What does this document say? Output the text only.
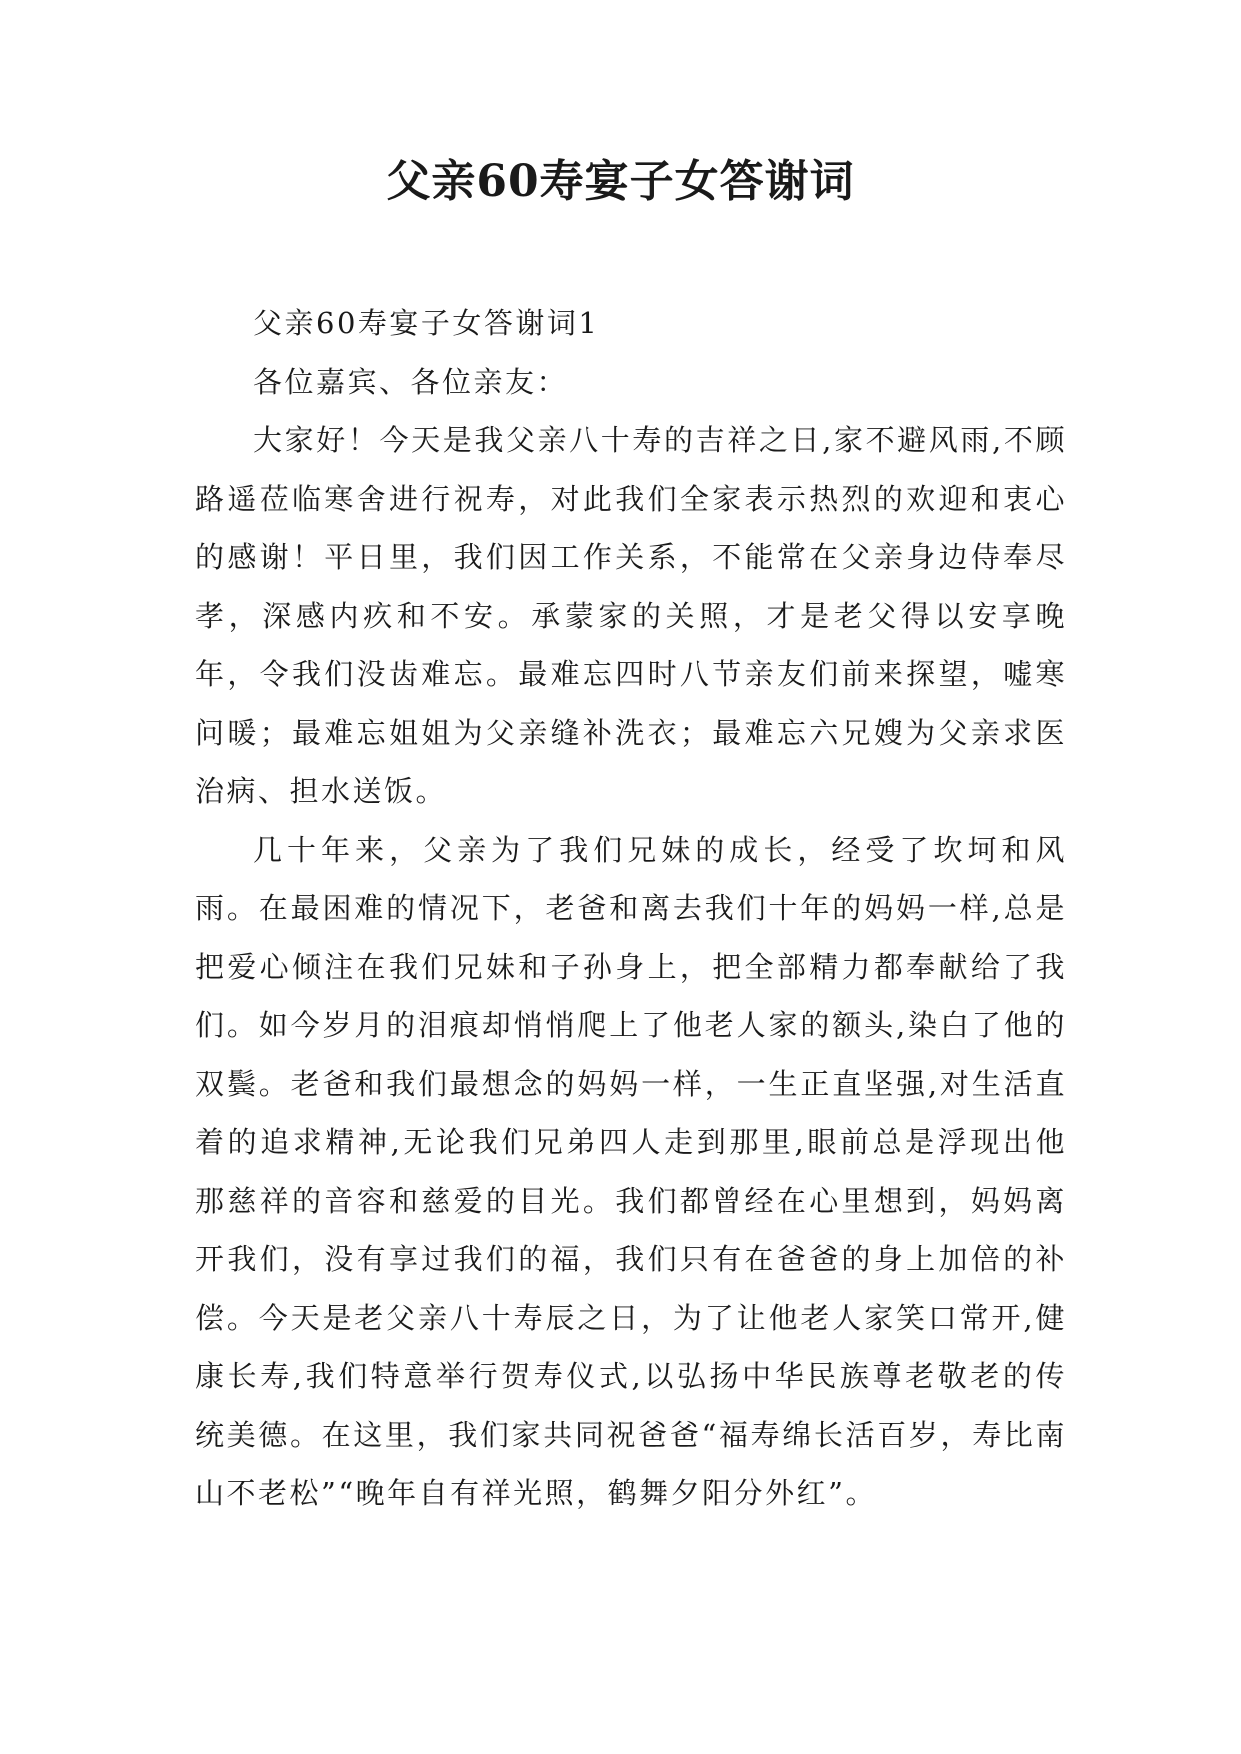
父亲60寿宴子女答谢词

父亲60寿宴子女答谢词1

各位嘉宾、各位亲友：

大家好！今天是我父亲八十寿的吉祥之日,家不避风雨,不顾路遥莅临寒舍进行祝寿，对此我们全家表示热烈的欢迎和衷心的感谢！平日里，我们因工作关系，不能常在父亲身边侍奉尽孝，深感内疚和不安。承蒙家的关照，才是老父得以安享晚年，令我们没齿难忘。最难忘四时八节亲友们前来探望，嘘寒问暖；最难忘姐姐为父亲缝补洗衣；最难忘六兄嫂为父亲求医治病、担水送饭。

几十年来，父亲为了我们兄妹的成长，经受了坎坷和风雨。在最困难的情况下，老爸和离去我们十年的妈妈一样,总是把爱心倾注在我们兄妹和子孙身上，把全部精力都奉献给了我们。如今岁月的泪痕却悄悄爬上了他老人家的额头,染白了他的双鬓。老爸和我们最想念的妈妈一样，一生正直坚强,对生活直着的追求精神,无论我们兄弟四人走到那里,眼前总是浮现出他那慈祥的音容和慈爱的目光。我们都曾经在心里想到，妈妈离开我们，没有享过我们的福，我们只有在爸爸的身上加倍的补偿。今天是老父亲八十寿辰之日，为了让他老人家笑口常开,健康长寿,我们特意举行贺寿仪式,以弘扬中华民族尊老敬老的传统美德。在这里，我们家共同祝爸爸“福寿绵长活百岁，寿比南山不老松”“晚年自有祥光照，鹤舞夕阳分外红”。
